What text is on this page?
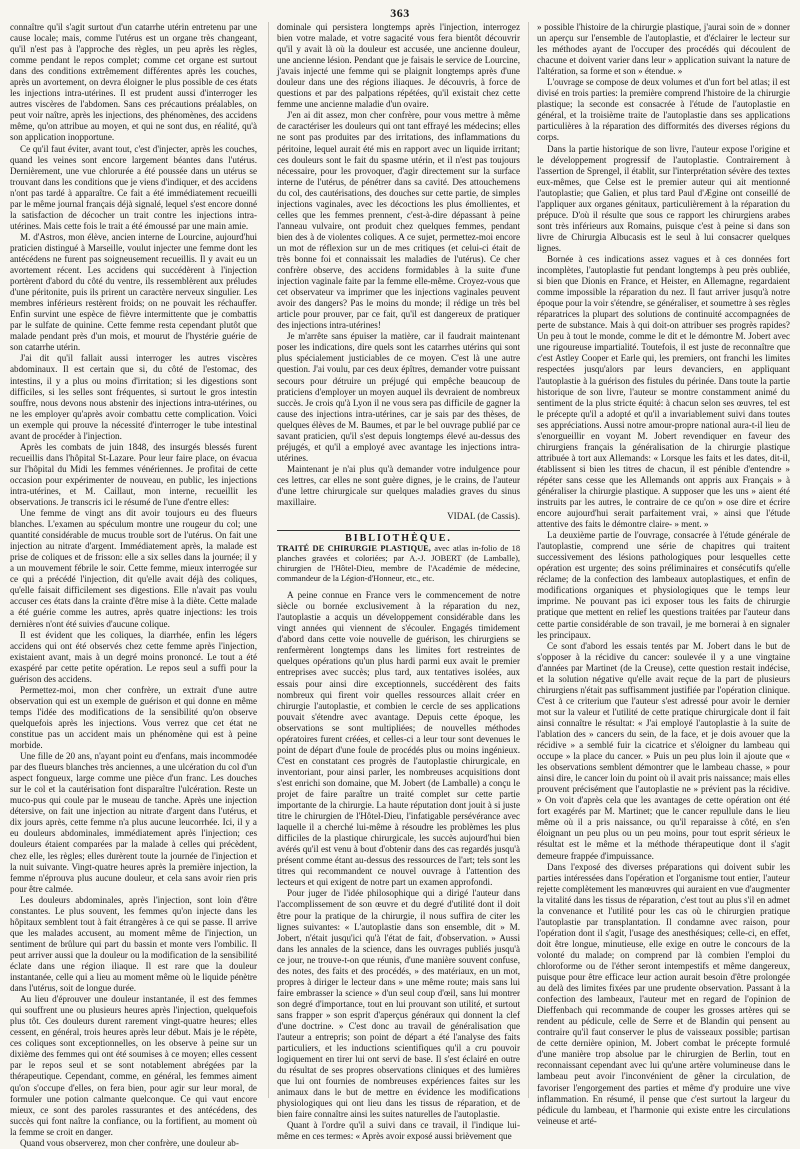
363

connaître qu'il s'agit surtout d'un catarrhe utérin entretenu par une cause locale; mais, comme l'utérus est un organe très changeant, qu'il n'est pas à l'approche des règles, un peu après les règles, comme pendant le repos complet; comme cet organe est surtout dans des conditions extrêmement différentes après les couches, après un avortement, on devra éloigner le plus possible de ces états les injections intra-utérines. Il est prudent aussi d'interroger les autres viscères de l'abdomen. Sans ces précautions préalables, on peut voir naître, après les injections, des phénomènes, des accidens même, qu'on attribue au moyen, et qui ne sont dus, en réalité, qu'à son application inopportune.

Ce qu'il faut éviter, avant tout, c'est d'injecter, après les couches, quand les veines sont encore largement béantes dans l'utérus. Dernièrement, une vue chlorurée a été poussée dans un utérus se trouvant dans les conditions que je viens d'indiquer, et des accidens n'ont pas tardé à apparaître. Ce fait a été immédiatement recueilli par le même journal français déjà signalé, lequel s'est encore donné la satisfaction de décocher un trait contre les injections intra-utérines. Mais cette fois le trait a été émoussé par une main amie.

M. d'Astros, mon élève, ancien interne de Lourcine, aujourd'hui praticien distingué à Marseille, voulut injecter une femme dont les antécédens ne furent pas soigneusement recueillis. Il y avait eu un avortement récent. Les accidens qui succédèrent à l'injection portèrent d'abord du côté du ventre, ils ressemblèrent aux préludes d'une péritonite, puis ils prirent un caractère nerveux singulier. Les membres inférieurs restèrent froids; on ne pouvait les réchauffer. Enfin survint une espèce de fièvre intermittente que je combattis par le sulfate de quinine. Cette femme resta cependant plutôt que malade pendant près d'un mois, et mourut de l'hystérie guérie de son catarrhe utérin.

J'ai dit qu'il fallait aussi interroger les autres viscères abdominaux. Il est certain que si, du côté de l'estomac, des intestins, il y a plus ou moins d'irritation; si les digestions sont difficiles, si les selles sont fréquentes, si surtout le gros intestin souffre, nous devons nous abstenir des injections intra-utérines, ou ne les employer qu'après avoir combattu cette complication. Voici un exemple qui prouve la nécessité d'interroger le tube intestinal avant de procéder à l'injection.

Après les combats de juin 1848, des insurgés blessés furent recueillis dans l'hôpital St-Lazare. Pour leur faire place, on évacua sur l'hôpital du Midi les femmes vénériennes. Je profitai de cette occasion pour expérimenter de nouveau, en public, les injections intra-utérines, et M. Caillaut, mon interne, recueillit les observations. Je transcris ici le résumé de l'une d'entre elles:

Une femme de vingt ans dit avoir toujours eu des flueurs blanches. L'examen au spéculum montre une rougeur du col; une quantité considérable de mucus trouble sort de l'utérus. On fait une injection au nitrate d'argent. Immédiatement après, la malade est prise de coliques et de frisson: elle a six selles dans la journée; il y a un mouvement fébrile le soir. Cette femme, mieux interrogée sur ce qui a précédé l'injection, dit qu'elle avait déjà des coliques, qu'elle faisait difficilement ses digestions. Elle n'avait pas voulu accuser ces états dans la crainte d'être mise à la diète. Cette malade a été guérie comme les autres, après quatre injections: les trois dernières n'ont été suivies d'aucune colique.

Il est évident que les coliques, la diarrhée, enfin les légers accidens qui ont été observés chez cette femme après l'injection, existaient avant, mais à un degré moins prononcé. Le tout a été exaspéré par cette petite opération. Le repos seul a suffi pour la guérison des accidens.

Permettez-moi, mon cher confrère, un extrait d'une autre observation qui est un exemple de guérison et qui donne en même temps l'idée des modifications de la sensibilité qu'on observe quelquefois après les injections. Vous verrez que cet état ne constitue pas un accident mais un phénomène qui est à peine morbide.

Une fille de 20 ans, n'ayant point eu d'enfans, mais incommodée par des flueurs blanches très anciennes, a une ulcération du col d'un aspect fongueux, large comme une pièce d'un franc. Les douches sur le col et la cautérisation font disparaître l'ulcération. Reste un muco-pus qui coule par le museau de tanche. Après une injection détersive, on fait une injection au nitrate d'argent dans l'utérus, et dix jours après, cette femme n'a plus aucune leucorrhée. Ici, il y a eu douleurs abdominales, immédiatement après l'injection; ces douleurs étaient comparées par la malade à celles qui précèdent, chez elle, les règles; elles durèrent toute la journée de l'injection et la nuit suivante. Vingt-quatre heures après la première injection, la femme n'éprouva plus aucune douleur, et cela sans avoir rien pris pour être calmée.

Les douleurs abdominales, après l'injection, sont loin d'être constantes. Le plus souvent, les femmes qu'on injecte dans les hôpitaux semblent tout à fait étrangères à ce qui se passe. Il arrive que les malades accusent, au moment même de l'injection, un sentiment de brûlure qui part du bassin et monte vers l'ombilic. Il peut arriver aussi que la douleur ou la modification de la sensibilité éclate dans une région iliaque. Il est rare que la douleur instantanée, celle qui a lieu au moment même où le liquide pénètre dans l'utérus, soit de longue durée.

Au lieu d'éprouver une douleur instantanée, il est des femmes qui souffrent une ou plusieurs heures après l'injection, quelquefois plus tôt. Ces douleurs durent rarement vingt-quatre heures; elles cessent, en général, trois heures après leur début. Mais je le répète, ces coliques sont exceptionnelles, on les observe à peine sur un dixième des femmes qui ont été soumises à ce moyen; elles cessent par le repos seul et se sont notablement abrégées par la thérapeutique. Cependant, comme, en général, les femmes aiment qu'on s'occupe d'elles, on fera bien, pour agir sur leur moral, de formuler une potion calmante quelconque. Ce qui vaut encore mieux, ce sont des paroles rassurantes et des antécédens, des succès qui font naître la confiance, ou la fortifient, au moment où la femme se croit en danger.

Quand vous observerez, mon cher confrère, une douleur ab-

dominale qui persistera longtemps après l'injection, interrogez bien votre malade, et votre sagacité vous fera bientôt découvrir qu'il y avait là où la douleur est accusée, une ancienne douleur, une ancienne lésion. Pendant que je faisais le service de Lourcine, j'avais injecté une femme qui se plaignit longtemps après d'une douleur dans une des régions iliaques. Je découvris, à force de questions et par des palpations répétées, qu'il existait chez cette femme une ancienne maladie d'un ovaire.

J'en ai dit assez, mon cher confrère, pour vous mettre à même de caractériser les douleurs qui ont tant effrayé les médecins; elles ne sont pas produites par des irritations, des inflammations du péritoine, lequel aurait été mis en rapport avec un liquide irritant; ces douleurs sont le fait du spasme utérin, et il n'est pas toujours nécessaire, pour les provoquer, d'agir directement sur la surface interne de l'utérus, de pénétrer dans sa cavité. Des attouchemens du col, des cautérisations, des douches sur cette partie, de simples injections vaginales, avec les décoctions les plus émollientes, et celles que les femmes prennent, c'est-à-dire dépassant à peine l'anneau vulvaire, ont produit chez quelques femmes, pendant bien des à de violentes coliques. A ce sujet, permettez-moi encore un mot de réflexion sur un de mes critiques (et celui-ci était de très bonne foi et connaissait les maladies de l'utérus). Ce cher confrère observe, des accidens formidables à la suite d'une injection vaginale faite par la femme elle-même. Croyez-vous que cet observateur va imprimer que les injections vaginales peuvent avoir des dangers? Pas le moins du monde; il rédige un très bel article pour prouver, par ce fait, qu'il est dangereux de pratiquer des injections intra-utérines!

Je m'arrête sans épuiser la matière, car il faudrait maintenant poser les indications, dire quels sont les catarrhes utérins qui sont plus spécialement justiciables de ce moyen. C'est là une autre question. J'ai voulu, par ces deux épîtres, demander votre puissant secours pour détruire un préjugé qui empêche beaucoup de praticiens d'employer un moyen auquel ils devraient de nombreux succès. Je crois qu'à Lyon il ne vous sera pas difficile de gagner la cause des injections intra-utérines, car je sais par des thèses, de quelques élèves de M. Baumes, et par le bel ouvrage publié par ce savant praticien, qu'il s'est depuis longtemps élevé au-dessus des préjugés, et qu'il a employé avec avantage les injections intra-utérines.

Maintenant je n'ai plus qu'à demander votre indulgence pour ces lettres, car elles ne sont guère dignes, je le crains, de l'auteur d'une lettre chirurgicale sur quelques maladies graves du sinus maxillaire.

VIDAL (de Cassis).

BIBLIOTHÈQUE.

TRAITÉ DE CHIRURGIE PLASTIQUE, avec atlas in-folio de 18 planches gravées et coloriées; par A.-J. JOBERT (de Lamballe), chirurgien de l'Hôtel-Dieu, membre de l'Académie de médecine, commandeur de la Légion-d'Honneur, etc., etc.

A peine connue en France vers le commencement de notre siècle ou bornée exclusivement à la réparation du nez, l'autoplastie a acquis un développement considérable dans les vingt années qui viennent de s'écouler. Engagés timidement d'abord dans cette voie nouvelle de guérison, les chirurgiens se renfermèrent longtemps dans les limites fort restreintes de quelques opérations qu'un plus hardi parmi eux avait le premier entreprises avec succès; plus tard, aux tentatives isolées, aux essais pour ainsi dire exceptionnels, succédèrent des faits nombreux qui firent voir quelles ressources allait créer en chirurgie l'autoplastie, et combien le cercle de ses applications pouvait s'étendre avec avantage. Depuis cette époque, les observations se sont multipliées; de nouvelles méthodes opératoires furent créées, et celles-ci a leur tour sont devenues le point de départ d'une foule de procédés plus ou moins ingénieux. C'est en constatant ces progrès de l'autoplastie chirurgicale, en inventoriant, pour ainsi parler, les nombreuses acquisitions dont s'est enrichi son domaine, que M. Jobert (de Lamballe) a conçu le projet de faire paraître un traité complet sur cette partie importante de la chirurgie. La haute réputation dont jouit à si juste titre le chirurgien de l'Hôtel-Dieu, l'infatigable persévérance avec laquelle il a cherché lui-même à résoudre les problèmes les plus difficiles de la plastique chirurgicale, les succès aujourd'hui bien avérés qu'il est venu à bout d'obtenir dans des cas regardés jusqu'à présent comme étant au-dessus des ressources de l'art; tels sont les titres qui recommandent ce nouvel ouvrage à l'attention des lecteurs et qui exigent de notre part un examen approfondi.

Pour juger de l'idée philosophique qui a dirigé l'auteur dans l'accomplissement de son œuvre et du degré d'utilité dont il doit être pour la pratique de la chirurgie, il nous suffira de citer les lignes suivantes: « L'autoplastie dans son ensemble, dit » M. Jobert, n'était jusqu'ici qu'à l'état de fait, d'observation. » Aussi dans les annales de la science, dans les ouvrages publiés jusqu'à ce jour, ne trouve-t-on que réunis, d'une manière souvent confuse, des notes, des faits et des procédés, » des matériaux, en un mot, propres à diriger le lecteur dans » une même route; mais sans lui faire embrasser la science » d'un seul coup d'œil, sans lui montrer son degré d'importance, tout en lui prouvant son utilité, et surtout sans frapper » son esprit d'aperçus généraux qui donnent la clef d'une doctrine. » C'est donc au travail de généralisation que l'auteur a entrepris; son point de départ a été l'analyse des faits particuliers, et les inductions scientifiques qu'il a cru pouvoir logiquement en tirer lui ont servi de base. Il s'est éclairé en outre du résultat de ses propres observations cliniques et des lumières que lui ont fournies de nombreuses expériences faites sur les animaux dans le but de mettre en évidence les modifications physiologiques qui ont lieu dans les tissus de réparation, et de bien faire connaître ainsi les suites naturelles de l'autoplastie.

Quant à l'ordre qu'il a suivi dans ce travail, il l'indique lui-même en ces termes: « Après avoir exposé aussi brièvement que

» possible l'histoire de la chirurgie plastique, j'aurai soin de » donner un aperçu sur l'ensemble de l'autoplastie, et d'éclairer le lecteur sur les méthodes ayant de l'occuper des procédés qui découlent de chacune et doivent varier dans leur » application suivant la nature de l'altération, sa forme et son » étendue. »

L'ouvrage se compose de deux volumes et d'un fort bel atlas; il est divisé en trois parties: la première comprend l'histoire de la chirurgie plastique; la seconde est consacrée à l'étude de l'autoplastie en général, et la troisième traite de l'autoplastie dans ses applications particulières à la réparation des difformités des diverses régions du corps.

Dans la partie historique de son livre, l'auteur expose l'origine et le développement progressif de l'autoplastie. Contrairement à l'assertion de Sprengel, il établit, sur l'interprétation sévère des textes eux-mêmes, que Celse est le premier auteur qui ait mentionné l'autoplastie; que Galien, et plus tard Paul d'Ægine ont conseillé de l'appliquer aux organes génitaux, particulièrement à la réparation du prépuce. D'où il résulte que sous ce rapport les chirurgiens arabes sont très inférieurs aux Romains, puisque c'est à peine si dans son livre de Chirurgia Albucasis est le seul à lui consacrer quelques lignes.

Bornée à ces indications assez vagues et à ces données fort incomplètes, l'autoplastie fut pendant longtemps à peu près oubliée, si bien que Dionis en France, et Heister, en Allemagne, regardaient comme impossible la réparation du nez. Il faut arriver jusqu'à notre époque pour la voir s'étendre, se généraliser, et soumettre à ses règles réparatrices la plupart des solutions de continuité accompagnées de perte de substance. Mais à qui doit-on attribuer ses progrès rapides? Un peu à tout le monde, comme le dit et le démontre M. Jobert avec une rigoureuse impartialité. Toutefois, il est juste de reconnaître que c'est Astley Cooper et Earle qui, les premiers, ont franchi les limites respectées jusqu'alors par leurs devanciers, en appliquant l'autoplastie à la guérison des fistules du périnée. Dans toute la partie historique de son livre, l'auteur se montre constamment animé du sentiment de la plus stricte équité: à chacun selon ses œuvres, tel est le précepte qu'il a adopté et qu'il a invariablement suivi dans toutes ses appréciations. Aussi notre amour-propre national aura-t-il lieu de s'enorgueillir en voyant M. Jobert revendiquer en faveur des chirurgiens français la généralisation de la chirurgie plastique attribuée à tort aux Allemands: « Lorsque les faits et les dates, dit-il, établissent si bien les titres de chacun, il est pénible d'entendre » répéter sans cesse que les Allemands ont appris aux Français » à généraliser la chirurgie plastique. A supposer que les uns » aient été instruits par les autres, le contraire de ce qu'on » ose dire et écrire encore aujourd'hui serait parfaitement vrai, » ainsi que l'étude attentive des faits le démontre claire- » ment. »

La deuxième partie de l'ouvrage, consacrée à l'étude générale de l'autoplastie, comprend une série de chapitres qui traitent successivement des lésions pathologiques pour lesquelles cette opération est urgente; des soins préliminaires et consécutifs qu'elle réclame; de la confection des lambeaux autoplastiques, et enfin de modifications organiques et physiologiques que le temps leur imprime. Ne pouvant pas ici exposer tous les faits de chirurgie pratique que mettent en relief les questions traitées par l'auteur dans cette partie considérable de son travail, je me bornerai à en signaler les principaux.

Ce sont d'abord les essais tentés par M. Jobert dans le but de s'opposer à la récidive du cancer: soulevée il y a une vingtaine d'années par Martinet (de la Creuse), cette question restait indécise, et la solution négative qu'elle avait reçue de la part de plusieurs chirurgiens n'était pas suffisamment justifiée par l'opération clinique. C'est à ce criterium que l'auteur s'est adressé pour avoir le dernier mot sur la valeur et l'utilité de cette pratique chirurgicale dont il fait ainsi connaître le résultat: « J'ai employé l'autoplastie à la suite de l'ablation des » cancers du sein, de la face, et je dois avouer que la récidive » a semblé fuir la cicatrice et s'éloigner du lambeau qui occupe » la place du cancer. » Puis un peu plus loin il ajoute que « les observations semblent démontrer que le lambeau chasse, » pour ainsi dire, le cancer loin du point où il avait pris naissance; mais elles prouvent précisément que l'autoplastie ne » prévient pas la récidive. » On voit d'après cela que les avantages de cette opération ont été fort exagérés par M. Martinet; que le cancer repullule dans le lieu même où il a pris naissance, ou qu'il reparaisse à côté, en s'en éloignant un peu plus ou un peu moins, pour tout esprit sérieux le résultat est le même et la méthode thérapeutique dont il s'agit demeure frappée d'impuissance.

Dans l'exposé des diverses préparations qui doivent subir les parties intéressées dans l'opération et l'organisme tout entier, l'auteur rejette complètement les manœuvres qui auraient en vue d'augmenter la vitalité dans les tissus de réparation, c'est tout au plus s'il en admet la convenance et l'utilité pour les cas où le chirurgien pratique l'autoplastie par transplantation. Il condamne avec raison, pour l'opération dont il s'agit, l'usage des anesthésiques; celle-ci, en effet, doit être longue, minutieuse, elle exige en outre le concours de la volonté du malade; on comprend par là combien l'emploi du chloroforme ou de l'éther seront intempestifs et même dangereux, puisque pour être efficace leur action aurait besoin d'être prolongée au delà des limites fixées par une prudente observation. Passant à la confection des lambeaux, l'auteur met en regard de l'opinion de Dieffenbach qui recommande de couper les grosses artères qui se rendent au pédicule, celle de Serre et de Blandin qui pensent au contraire qu'il faut conserver le plus de vaisseaux possible; partisan de cette dernière opinion, M. Jobert combat le précepte formulé d'une manière trop absolue par le chirurgien de Berlin, tout en reconnaissant cependant avec lui qu'une artère volumineuse dans le lambeau peut avoir l'inconvénient de gêner la circulation, de favoriser l'engorgement des parties et même d'y produire une vive inflammation. En résumé, il pense que c'est surtout la largeur du pédicule du lambeau, et l'harmonie qui existe entre les circulations veineuse et arté-
